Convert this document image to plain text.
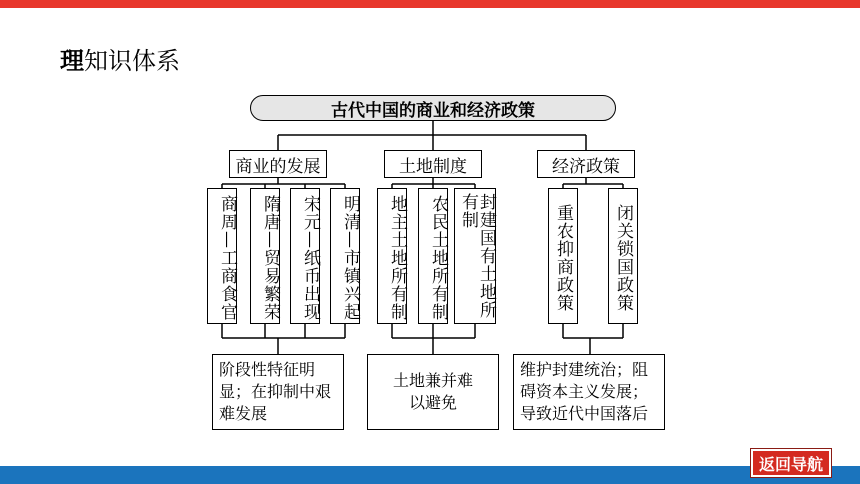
理知识体系
古代中国的商业和经济政策
商业的发展	土地制度	经济政策
商周—工商食官	隋唐—贸易繁荣	宋元—纸币出现	明清—市镇兴起	地主土地所有制	农民土地所有制	封建国有土地所有制	重农抑商政策 闭关锁国政策
阶段性特征明显；在抑制中艰难发展
土地兼并难以避免
维护封建统治；阻碍资本主义发展；导致近代中国落后
返回导航
